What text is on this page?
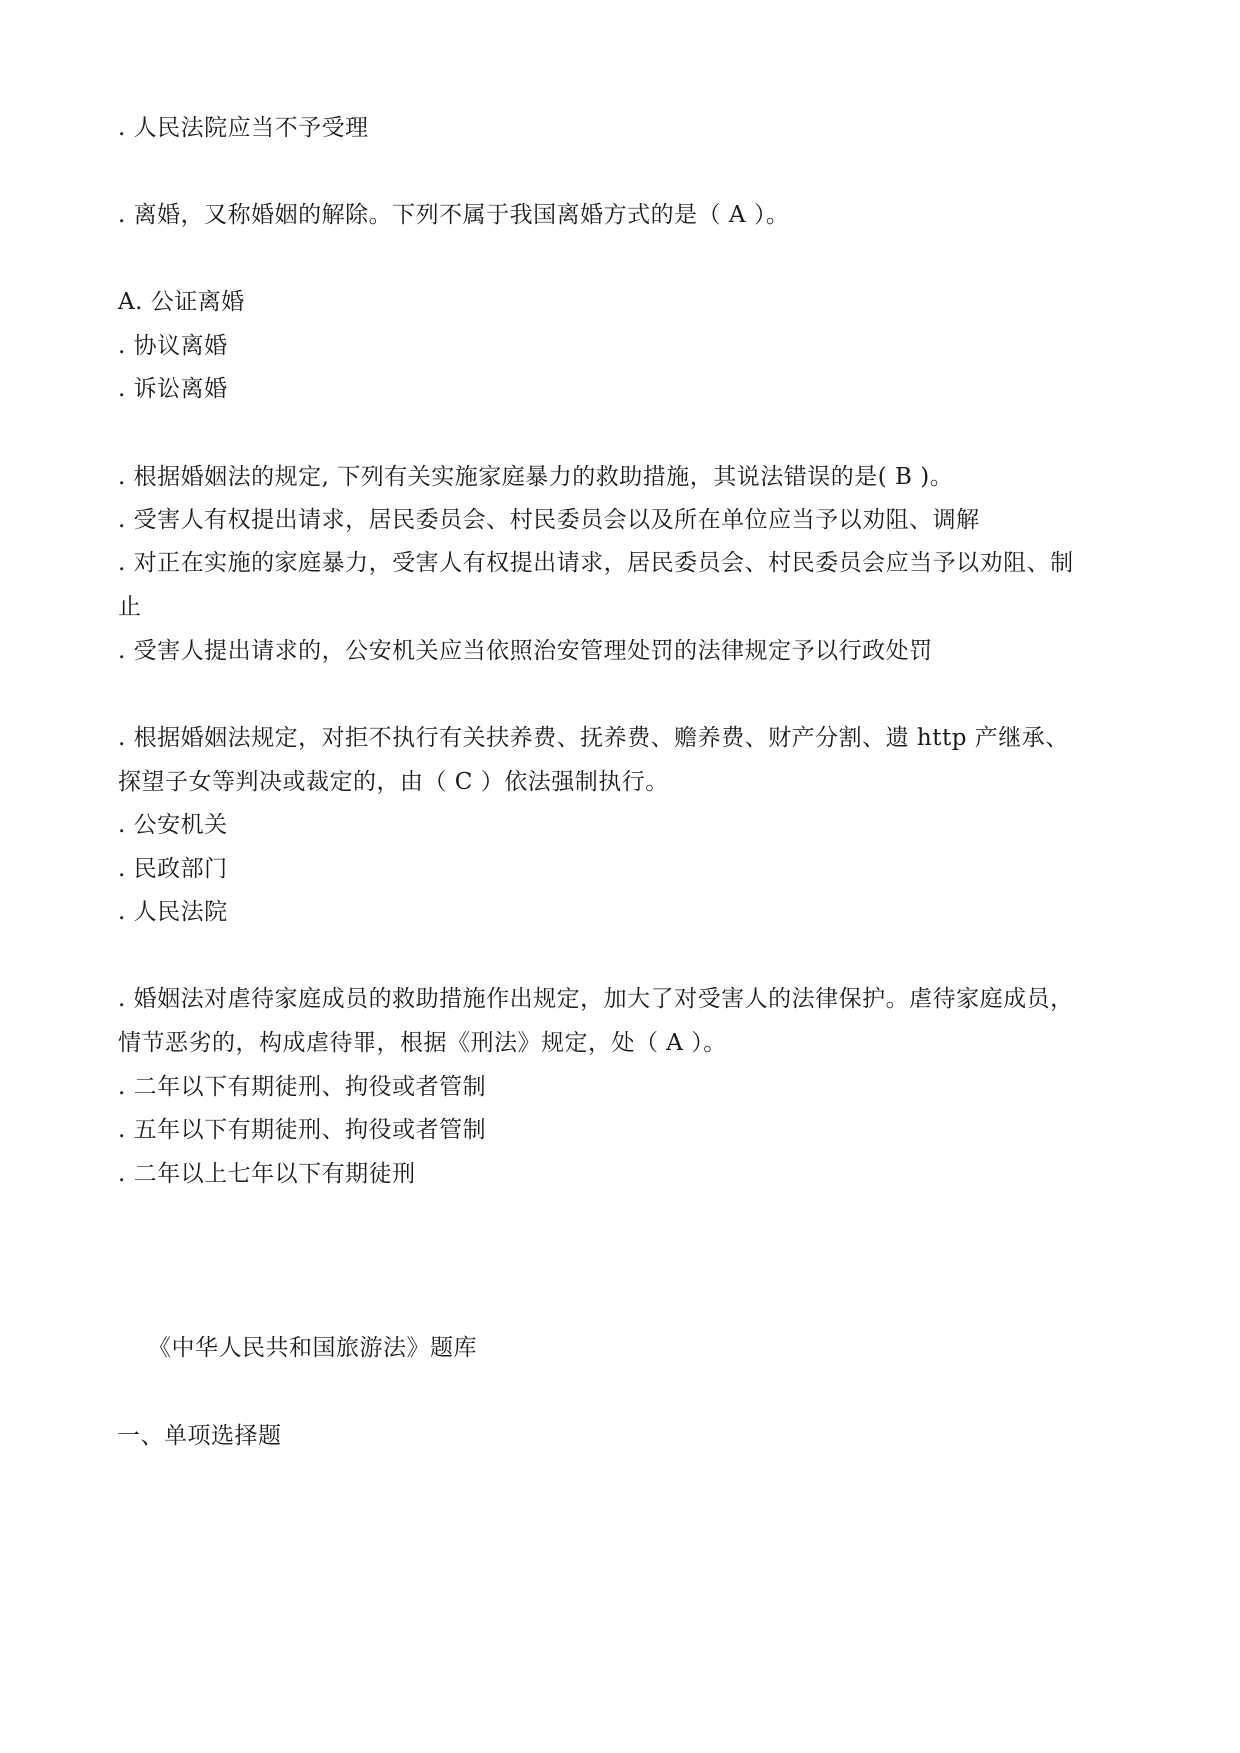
. 人民法院应当不予受理
. 离婚，又称婚姻的解除。下列不属于我国离婚方式的是（ A ）。
A. 公证离婚
. 协议离婚
. 诉讼离婚
. 根据婚姻法的规定, 下列有关实施家庭暴力的救助措施，其说法错误的是( B )。
. 受害人有权提出请求，居民委员会、村民委员会以及所在单位应当予以劝阻、调解
. 对正在实施的家庭暴力，受害人有权提出请求，居民委员会、村民委员会应当予以劝阻、制
止
. 受害人提出请求的，公安机关应当依照治安管理处罚的法律规定予以行政处罚
. 根据婚姻法规定，对拒不执行有关扶养费、抚养费、赡养费、财产分割、遗 http 产继承、
探望子女等判决或裁定的，由（ C ）依法强制执行。
. 公安机关
. 民政部门
. 人民法院
. 婚姻法对虐待家庭成员的救助措施作出规定，加大了对受害人的法律保护。虐待家庭成员，
情节恶劣的，构成虐待罪，根据《刑法》规定，处（ A ）。
. 二年以下有期徒刑、拘役或者管制
. 五年以下有期徒刑、拘役或者管制
. 二年以上七年以下有期徒刑
《中华人民共和国旅游法》题库
一、单项选择题
